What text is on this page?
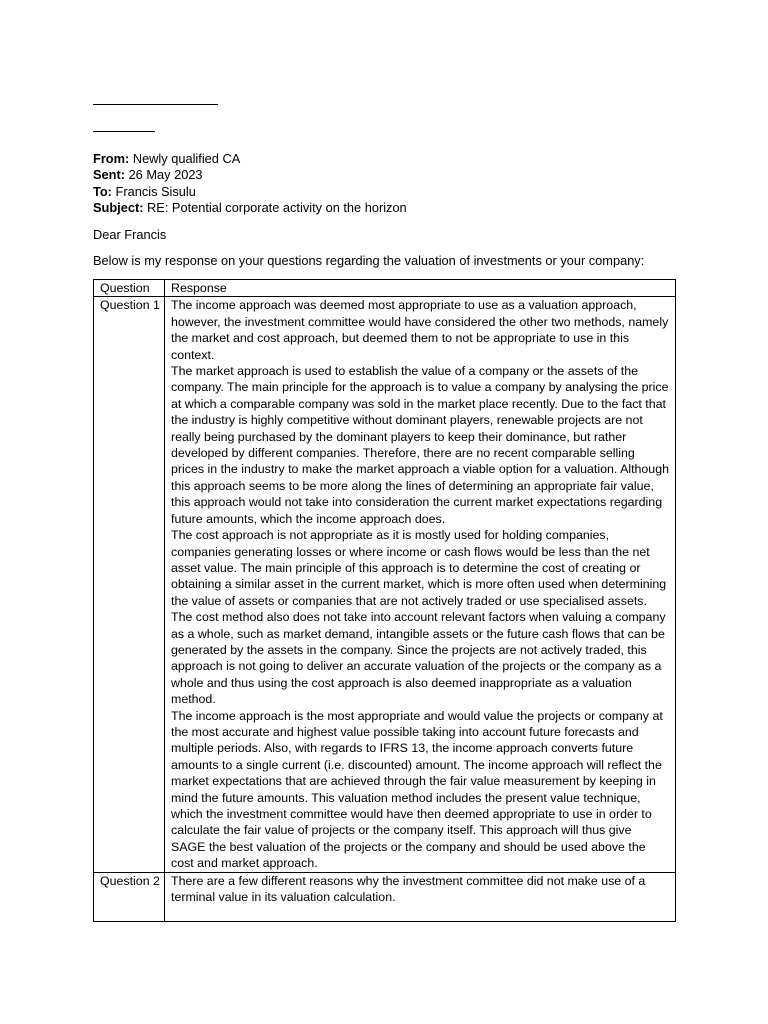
From: Newly qualified CA
Sent: 26 May 2023
To: Francis Sisulu
Subject: RE: Potential corporate activity on the horizon
Dear Francis
Below is my response on your questions regarding the valuation of investments or your company:
Question	Response
Question 1	The income approach was deemed most appropriate to use as a valuation approach, however, the investment committee would have considered the other two methods, namely the market and cost approach, but deemed them to not be appropriate to use in this context.

The market approach is used to establish the value of a company or the assets of the company. The main principle for the approach is to value a company by analysing the price at which a comparable company was sold in the market place recently. Due to the fact that the industry is highly competitive without dominant players, renewable projects are not really being purchased by the dominant players to keep their dominance, but rather developed by different companies. Therefore, there are no recent comparable selling prices in the industry to make the market approach a viable option for a valuation. Although this approach seems to be more along the lines of determining an appropriate fair value, this approach would not take into consideration the current market expectations regarding future amounts, which the income approach does.

The cost approach is not appropriate as it is mostly used for holding companies, companies generating losses or where income or cash flows would be less than the net asset value. The main principle of this approach is to determine the cost of creating or obtaining a similar asset in the current market, which is more often used when determining the value of assets or companies that are not actively traded or use specialised assets. The cost method also does not take into account relevant factors when valuing a company as a whole, such as market demand, intangible assets or the future cash flows that can be generated by the assets in the company. Since the projects are not actively traded, this approach is not going to deliver an accurate valuation of the projects or the company as a whole and thus using the cost approach is also deemed inappropriate as a valuation method.

The income approach is the most appropriate and would value the projects or company at the most accurate and highest value possible taking into account future forecasts and multiple periods. Also, with regards to IFRS 13, the income approach converts future amounts to a single current (i.e. discounted) amount. The income approach will reflect the market expectations that are achieved through the fair value measurement by keeping in mind the future amounts. This valuation method includes the present value technique, which the investment committee would have then deemed appropriate to use in order to calculate the fair value of projects or the company itself. This approach will thus give SAGE the best valuation of the projects or the company and should be used above the cost and market approach.

Question 2	There are a few different reasons why the investment committee did not make use of a terminal value in its valuation calculation.
